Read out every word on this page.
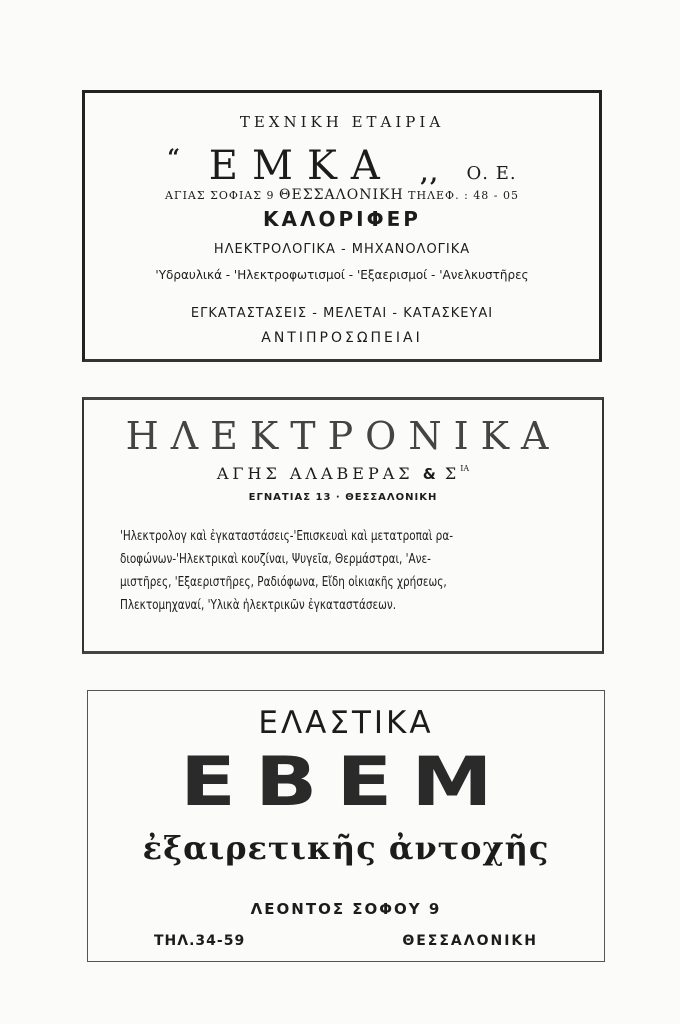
ΤΕΧΝΙΚΗ ΕΤΑΙΡΙΑ
“ ΕΜΚΑ ,, Ο. Ε.
ΑΓΙΑΣ ΣΟΦΙΑΣ 9 ΘΕΣΣΑΛΟΝΙΚΗ ΤΗΛΕΦ. : 48 - 05
ΚΑΛΟΡΙΦΕΡ
ΗΛΕΚΤΡΟΛΟΓΙΚΑ - ΜΗΧΑΝΟΛΟΓΙΚΑ
'Υδραυλικά - 'Ηλεκτροφωτισμοί - 'Εξαερισμοί - 'Ανελκυστῆρες
ΕΓΚΑΤΑΣΤΑΣΕΙΣ - ΜΕΛΕΤΑΙ - ΚΑΤΑΣΚΕΥΑΙ
ΑΝΤΙΠΡΟΣΩΠΕΙΑΙ
ΗΛΕΚΤΡΟΝΙΚΑ
ΑΓΗΣ ΑΛΑΒΕΡΑΣ & $\Sigma^{IA}$
ΕΓΝΑΤΙΑΣ 13 · ΘΕΣΣΑΛΟΝΙΚΗ
'Ηλεκτρολογ καὶ ἐγκαταστάσεις-'Επισκευαὶ καὶ μετατροπαὶ ρα-
διοφώνων-'Ηλεκτρικαὶ κουζίναι, Ψυγεῖα, Θερμάστραι, 'Ανε-
μιστῆρες, 'Εξαεριστῆρες, Ραδιόφωνα, Εἴδη οἰκιακῆς χρήσεως,
Πλεκτομηχαναί, 'Υλικὰ ἠλεκτρικῶν ἐγκαταστάσεων.
ΕΛΑΣΤΙΚΑ
ΕΒΕΜ
ἐξαιρετικῆς ἀντοχῆς
ΛΕΟΝΤΟΣ ΣΟΦΟΥ 9
ΤΗΛ.34-59	ΘΕΣΣΑΛΟΝΙΚΗ
